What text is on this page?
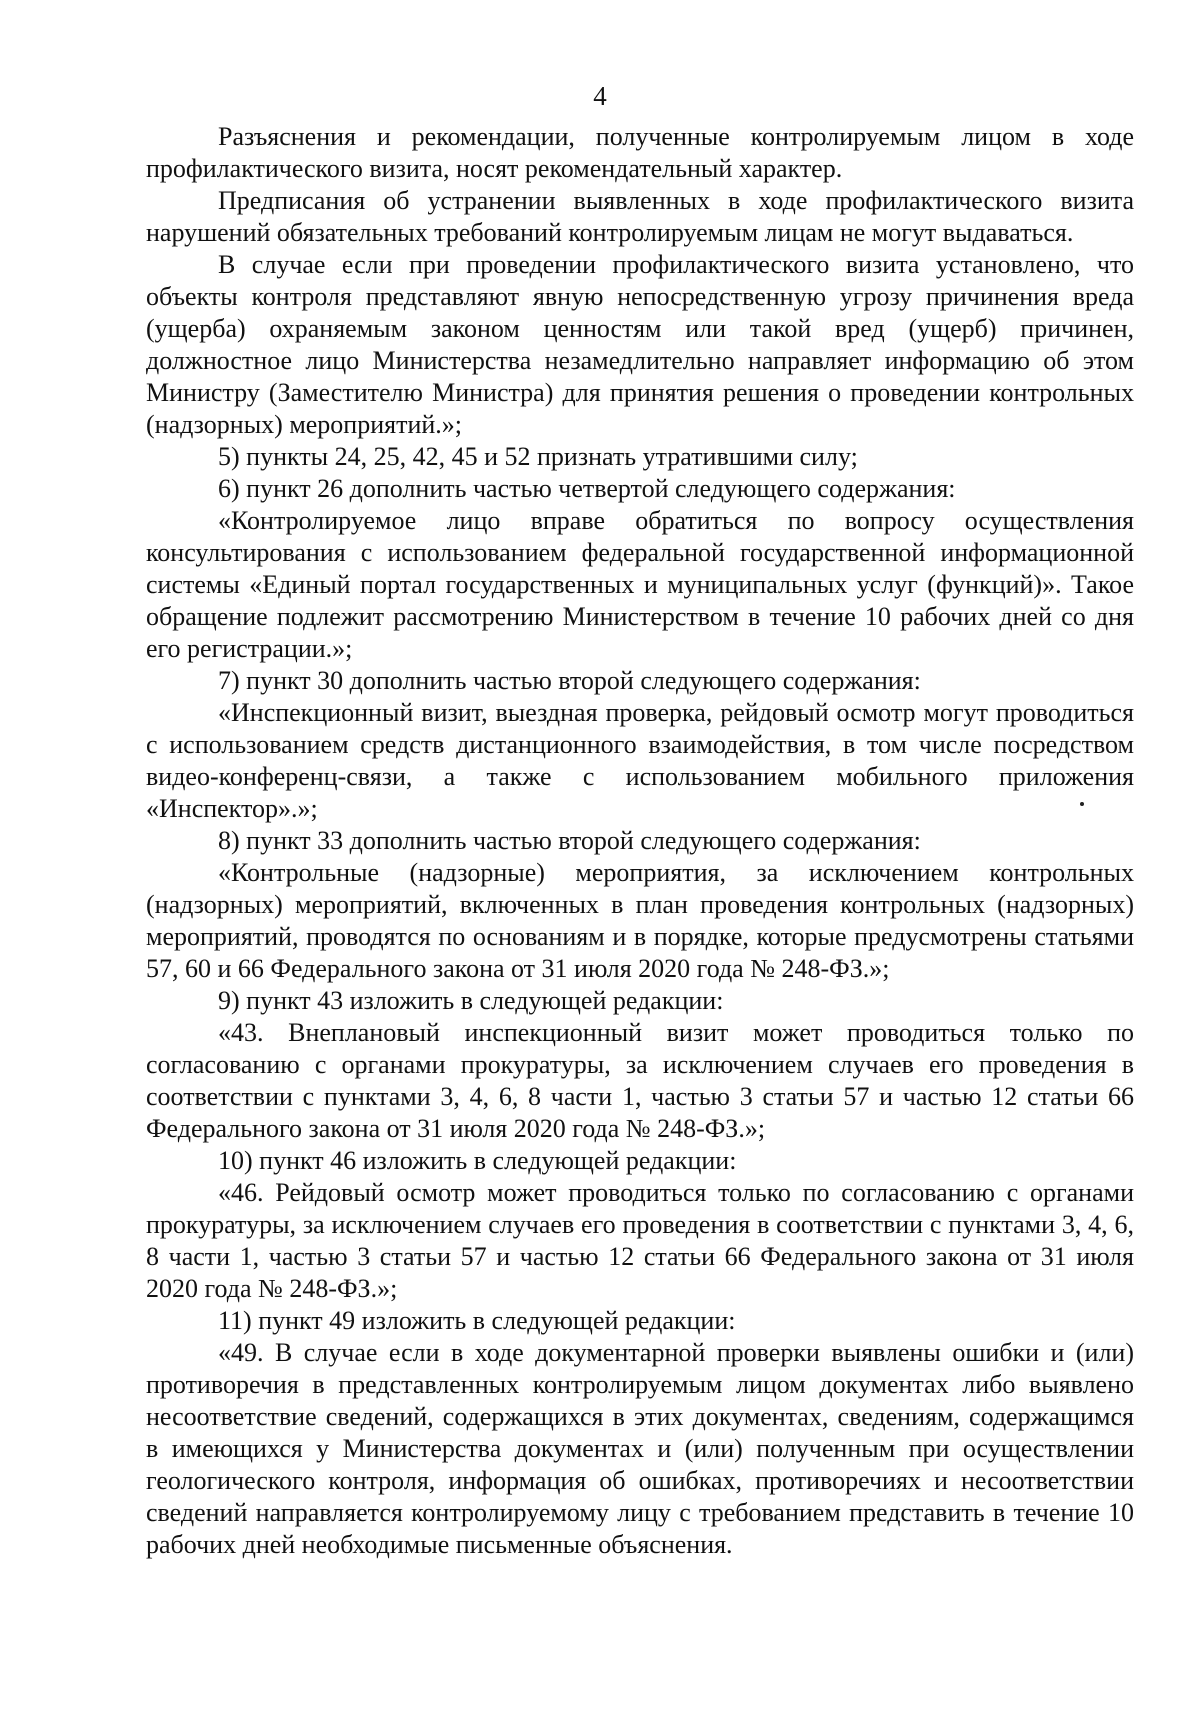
4

Разъяснения и рекомендации, полученные контролируемым лицом в ходе профилактического визита, носят рекомендательный характер.

Предписания об устранении выявленных в ходе профилактического визита нарушений обязательных требований контролируемым лицам не могут выдаваться.

В случае если при проведении профилактического визита установлено, что объекты контроля представляют явную непосредственную угрозу причинения вреда (ущерба) охраняемым законом ценностям или такой вред (ущерб) причинен, должностное лицо Министерства незамедлительно направляет информацию об этом Министру (Заместителю Министра) для принятия решения о проведении контрольных (надзорных) мероприятий.»;

5) пункты 24, 25, 42, 45 и 52 признать утратившими силу;

6) пункт 26 дополнить частью четвертой следующего содержания:

«Контролируемое лицо вправе обратиться по вопросу осуществления консультирования с использованием федеральной государственной информационной системы «Единый портал государственных и муниципальных услуг (функций)». Такое обращение подлежит рассмотрению Министерством в течение 10 рабочих дней со дня его регистрации.»;

7) пункт 30 дополнить частью второй следующего содержания:

«Инспекционный визит, выездная проверка, рейдовый осмотр могут проводиться с использованием средств дистанционного взаимодействия, в том числе посредством видео-конференц-связи, а также с использованием мобильного приложения «Инспектор».»;

8) пункт 33 дополнить частью второй следующего содержания:

«Контрольные (надзорные) мероприятия, за исключением контрольных (надзорных) мероприятий, включенных в план проведения контрольных (надзорных) мероприятий, проводятся по основаниям и в порядке, которые предусмотрены статьями 57, 60 и 66 Федерального закона от 31 июля 2020 года № 248-ФЗ.»;

9) пункт 43 изложить в следующей редакции:

«43. Внеплановый инспекционный визит может проводиться только по согласованию с органами прокуратуры, за исключением случаев его проведения в соответствии с пунктами 3, 4, 6, 8 части 1, частью 3 статьи 57 и частью 12 статьи 66 Федерального закона от 31 июля 2020 года № 248-ФЗ.»;

10) пункт 46 изложить в следующей редакции:

«46. Рейдовый осмотр может проводиться только по согласованию с органами прокуратуры, за исключением случаев его проведения в соответствии с пунктами 3, 4, 6, 8 части 1, частью 3 статьи 57 и частью 12 статьи 66 Федерального закона от 31 июля 2020 года № 248-ФЗ.»;

11) пункт 49 изложить в следующей редакции:

«49. В случае если в ходе документарной проверки выявлены ошибки и (или) противоречия в представленных контролируемым лицом документах либо выявлено несоответствие сведений, содержащихся в этих документах, сведениям, содержащимся в имеющихся у Министерства документах и (или) полученным при осуществлении геологического контроля, информация об ошибках, противоречиях и несоответствии сведений направляется контролируемому лицу с требованием представить в течение 10 рабочих дней необходимые письменные объяснения.
